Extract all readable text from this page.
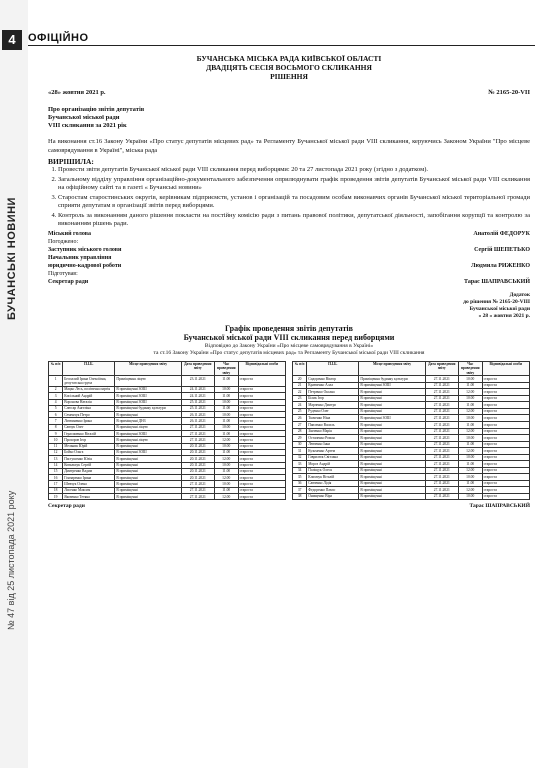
4
БУЧАНСЬКІ НОВИНИ
№ 47 від 25 листопада 2021 року
ОФІЦІЙНО
БУЧАНСЬКА МІСЬКА РАДА КИЇВСЬКОЇ ОБЛАСТІ
ДВАДЦЯТЬ СЕСІЯ ВОСЬМОГО СКЛИКАННЯ
РІШЕННЯ
«28» жовтня 2021 р.	№ 2165-20-VII
Про організацію звітів депутатів
Бучанської міської ради
VIII скликання за 2021 рік

На виконання ст.16 Закону України «Про статус депутатів місцевих рад» та Регламенту Бучанської міської ради VIII скликання, керуючись Законом України "Про місцеве самоврядування в Україні", міська рада

ВИРІШИЛА:
1. Провести звіти депутатів Бучанської міської ради VIII скликання перед виборцями: 20 та 27 листопада 2021 року (згідно з додатком).
2. Загальному відділу управління організаційно-документального забезпечення оприлюднувати графік проведення звітів депутатів Бучанської міської ради VIII скликання на офіційному сайті та в газеті « Бучанські новини»
3. Старостам старостинських округів, керівникам підприємств, установ і організацій та посадовим особам виконавчих органів Бучанської міської територіальної громади сприяти депутатам в організації звітів перед виборцями.
4. Контроль за виконанням даного рішення покласти на постійну комісію ради з питань правової політики, депутатської діяльності, запобігання корупції та контролю за виконанням рішень ради.
Міський голова	Анатолій ФЕДОРУК
Погоджено:
Заступник міського голови	Сергій ШЕПЕТЬКО
Начальник управління
юридично-кадрової роботи	Людмила РИЖЕНКО
Підготував:
Секретар ради	Тарас ШАПРАВСЬКИЙ
Додаток
до рішення № 2165-20-VIII
Бучанської міської ради
« 28 » жовтня 2021 р.
Графік проведення звітів депутатів
Бучанської міської ради VIII скликання перед виборцями
Відповідно до Закону України «Про місцеве самоврядування в Україні»
та ст.16 Закону України «Про статус депутатів місцевих рад» та Регламенту Бучанської міської ради VIII скликання
№ п/п	П.І.Б.	Місце проведення звіту	Дата проведення звіту	Час проведення звіту	Відповідальні особи
1	Беспалий Ірина Олексіївна, депутатська група	Приміщення ліцею	23.11.2021	11.00	староста
2	Мацко Лесь, політична партія	В приміщенні ЗОШ	24.11.2021	10.00	староста
3	Кисільний Андрій	В приміщенні ЗОШ	24.11.2021	11.00	староста
4	Воронова Наталія	В приміщенні ЗОШ	25.11.2021	10.00	староста
5	Слюсар Ангеліна	В приміщенні будинку культури	25.11.2021	11.00	староста
6	Семенчук Петро	В приміщенні	26.11.2021	10.00	староста
7	Литвиненко Ірина	В приміщенні ДНЗ	26.11.2021	11.00	староста
8	Савчук Олег	В приміщенні ліцею	27.11.2021	10.00	староста
9	Герасименко Віталій	В приміщенні ЗОШ	27.11.2021	11.00	староста
10	Прохоров Ігор	В приміщенні ліцею	27.11.2021	12.00	староста
11	Мельник Юрій	В приміщенні	20.11.2021	10.00	староста
12	Бойко Ольга	В приміщенні ЗОШ	20.11.2021	11.00	староста
13	Пастушенко Юлія	В приміщенні	20.11.2021	12.00	староста
14	Ковальчук Сергій	В приміщенні	20.11.2021	10.00	староста
15	Дмитренко Вадим	В приміщенні	20.11.2021	11.00	староста
16	Гончаренко Ірина	В приміщенні	20.11.2021	12.00	староста
17	Шевчук Олена	В приміщенні	27.11.2021	10.00	староста
18	Лисенко Максим	В приміщенні	27.11.2021	11.00	староста
19	Яковенко Тетяна	В приміщенні	27.11.2021	12.00	староста
№ п/п	П.І.Б.	Місце проведення звіту	Дата проведення звіту	Час проведення звіту	Відповідальні особи
20	Сидоренко Віктор	Приміщення будинку культури	27.11.2021	10.00	староста
21	Кравченко Алла	В приміщенні ЗОШ	27.11.2021	11.00	староста
22	Петренко Оксана	В приміщенні	27.11.2021	12.00	староста
23	Білик Ігор	В приміщенні	27.11.2021	10.00	староста
24	Марченко Дмитро	В приміщенні	27.11.2021	11.00	староста
25	Руденко Олег	В приміщенні	27.11.2021	12.00	староста
26	Ткаченко Ніна	В приміщенні ЗОШ	27.11.2021	10.00	староста
27	Павленко Василь	В приміщенні	27.11.2021	11.00	староста
28	Зінченко Марія	В приміщенні	27.11.2021	12.00	староста
29	Остапенко Роман	В приміщенні	27.11.2021	10.00	староста
30	Левченко Інна	В приміщенні	27.11.2021	11.00	староста
31	Кузьменко Артем	В приміщенні	27.11.2021	12.00	староста
32	Гаврилюк Світлана	В приміщенні	27.11.2021	10.00	староста
33	Мороз Андрій	В приміщенні	27.11.2021	11.00	староста
34	Поліщук Олеся	В приміщенні	27.11.2021	12.00	староста
35	Климчук Віталій	В приміщенні	27.11.2021	10.00	староста
36	Савченко Лідія	В приміщенні	27.11.2021	11.00	староста
37	Федоренко Павло	В приміщенні	27.11.2021	12.00	староста
38	Онищенко Віра	В приміщенні	27.11.2021	10.00	староста
Секретар ради	Тарас ШАПРАВСЬКИЙ
